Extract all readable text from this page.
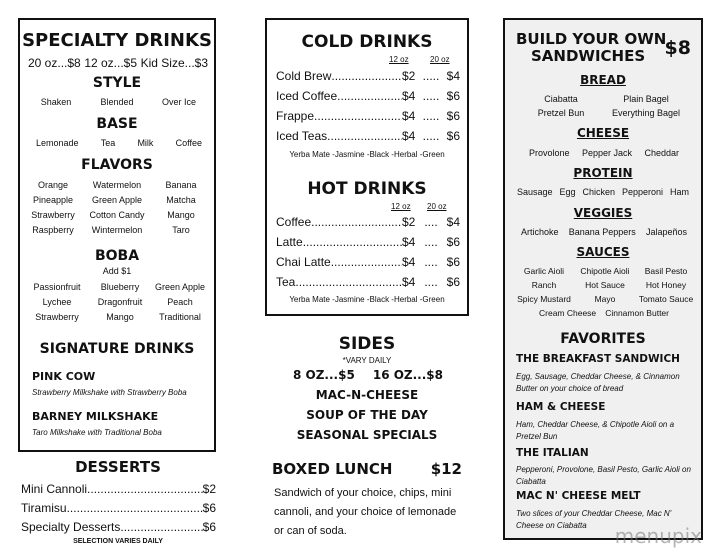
SPECIALTY DRINKS
20 oz...$8 12 oz...$5 Kid Size...$3
STYLE
Shaken	Blended	Over Ice
BASE
Lemonade Tea Milk Coffee
FLAVORS
Orange	Watermelon	Banana
Pineapple	Green Apple	Matcha
Strawberry	Cotton Candy	Mango
Raspberry	Wintermelon	Taro
BOBA
Add $1
Passionfruit	Blueberry	Green Apple
Lychee	Dragonfruit	Peach
Strawberry	Mango	Traditional
SIGNATURE DRINKS
PINK COW
Strawberry Milkshake with Strawberry Boba
BARNEY MILKSHAKE
Taro Milkshake with Traditional Boba
DESSERTS
Mini Cannoli .....	$2
Tiramisu .....	$6
Specialty Desserts .....	$6
SELECTION VARIES DAILY
COLD DRINKS
12 oz	20 oz
Cold Brew .....	$2 ..... $4
Iced Coffee .....	$4 ..... $6
Frappe .....	$4 ..... $6
Iced Teas .....	$4 ..... $6
Yerba Mate -Jasmine -Black -Herbal -Green
HOT DRINKS
12 oz 20 oz
Coffee .....	$2 .... $4
Latte .....	$4 .... $6
Chai Latte .....	$4 .... $6
Tea .....	$4 .... $6
Yerba Mate -Jasmine -Black -Herbal -Green
SIDES
*VARY DAILY
8 OZ...$5 16 OZ...$8
MAC-N-CHEESE
SOUP OF THE DAY
SEASONAL SPECIALS
BOXED LUNCH	$12
Sandwich of your choice, chips, mini cannoli, and your choice of lemonade or can of soda.
BUILD YOUR OWN
SANDWICHES $8
BREAD
Ciabatta	Plain Bagel
Pretzel Bun	Everything Bagel
CHEESE
Provolone Pepper Jack Cheddar
PROTEIN
Sausage Egg Chicken Pepperoni Ham
VEGGIES
Artichoke Banana Peppers Jalapeños
SAUCES
Garlic Aioli	Chipotle Aioli	Basil Pesto
Ranch	Hot Sauce	Hot Honey
Spicy Mustard	Mayo	Tomato Sauce
Cream Cheese Cinnamon Butter
FAVORITES
THE BREAKFAST SANDWICH
Egg, Sausage, Cheddar Cheese, & Cinnamon Butter on your choice of bread
HAM & CHEESE
Ham, Cheddar Cheese, & Chipotle Aioli on a Pretzel Bun
THE ITALIAN
Pepperoni, Provolone, Basil Pesto, Garlic Aioli on Ciabatta
MAC N' CHEESE MELT
Two slices of your Cheddar Cheese, Mac N' Cheese on Ciabatta	menupix
